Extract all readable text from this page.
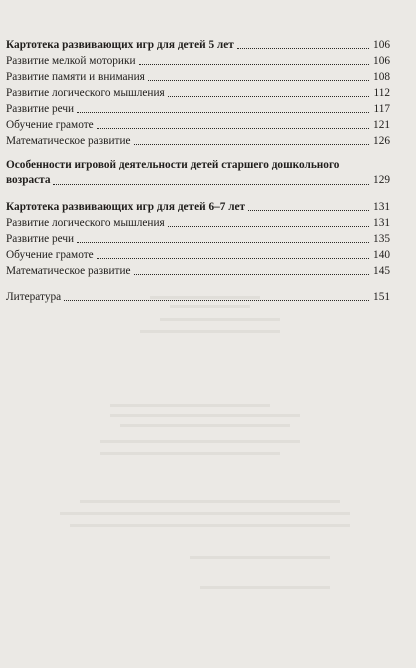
Картотека развивающих игр для детей 5 лет	106
Развитие мелкой моторики	106
Развитие памяти и внимания	108
Развитие логического мышления	112
Развитие речи	117
Обучение грамоте	121
Математическое развитие	126
Особенности игровой деятельности детей старшего дошкольного
возраста	129
Картотека развивающих игр для детей 6–7 лет	131
Развитие логического мышления	131
Развитие речи	135
Обучение грамоте	140
Математическое развитие	145
Литература	151
